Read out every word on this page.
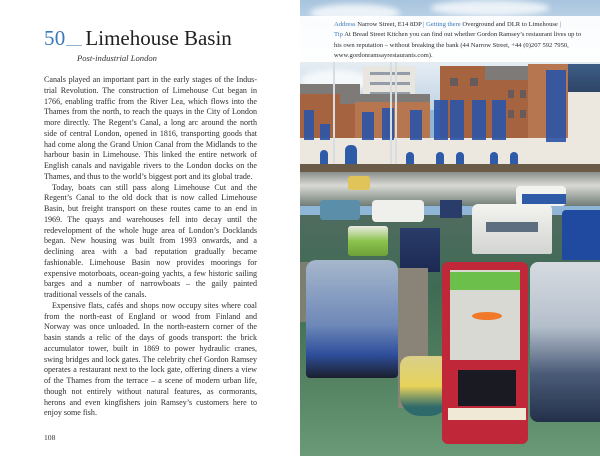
50 Limehouse Basin
Post-industrial London

Canals played an important part in the early stages of the Industrial Revolution. The construction of Limehouse Cut began in 1766, enabling traffic from the River Lea, which flows into the Thames from the north, to reach the quays in the City of London more directly. The Regent’s Canal, a long arc around the north side of central London, opened in 1816, transporting goods that had come along the Grand Union Canal from the Midlands to the harbour basin in Limehouse. This linked the entire network of English canals and navigable rivers to the London docks on the Thames, and thus to the world’s biggest port and its global trade.

Today, boats can still pass along Limehouse Cut and the Regent’s Canal to the old dock that is now called Limehouse Basin, but freight transport on these routes came to an end in 1969. The quays and warehouses fell into decay until the redevelopment of the whole huge area of London’s Docklands began. New housing was built from 1993 onwards, and a declining area with a bad reputation gradually became fashionable. Limehouse Basin now provides moorings for expensive motorboats, ocean-going yachts, a few historic sailing barges and a number of narrowboats – the gaily painted traditional vessels of the canals.

Expensive flats, cafés and shops now occupy sites where coal from the north-east of England or wood from Finland and Norway was once unloaded. In the north-eastern corner of the basin stands a relic of the days of goods transport: the brick accumulator tower, built in 1869 to power hydraulic cranes, swing bridges and lock gates. The celebrity chef Gordon Ramsey operates a restaurant next to the lock gate, offering diners a view of the Thames from the terrace – a scene of modern urban life, though not entirely without natural features, as cormorants, herons and even kingfishers join Ramsey’s customers here to enjoy some fish.

108
Address Narrow Street, E14 8DP | Getting there Overground and DLR to Limehouse |
Tip At Bread Street Kitchen you can find out whether Gordon Ramsey’s restaurant lives up to his own reputation – without breaking the bank (44 Narrow Street, +44 (0)207 592 7950, www.gordonramsayrestaurants.com).
